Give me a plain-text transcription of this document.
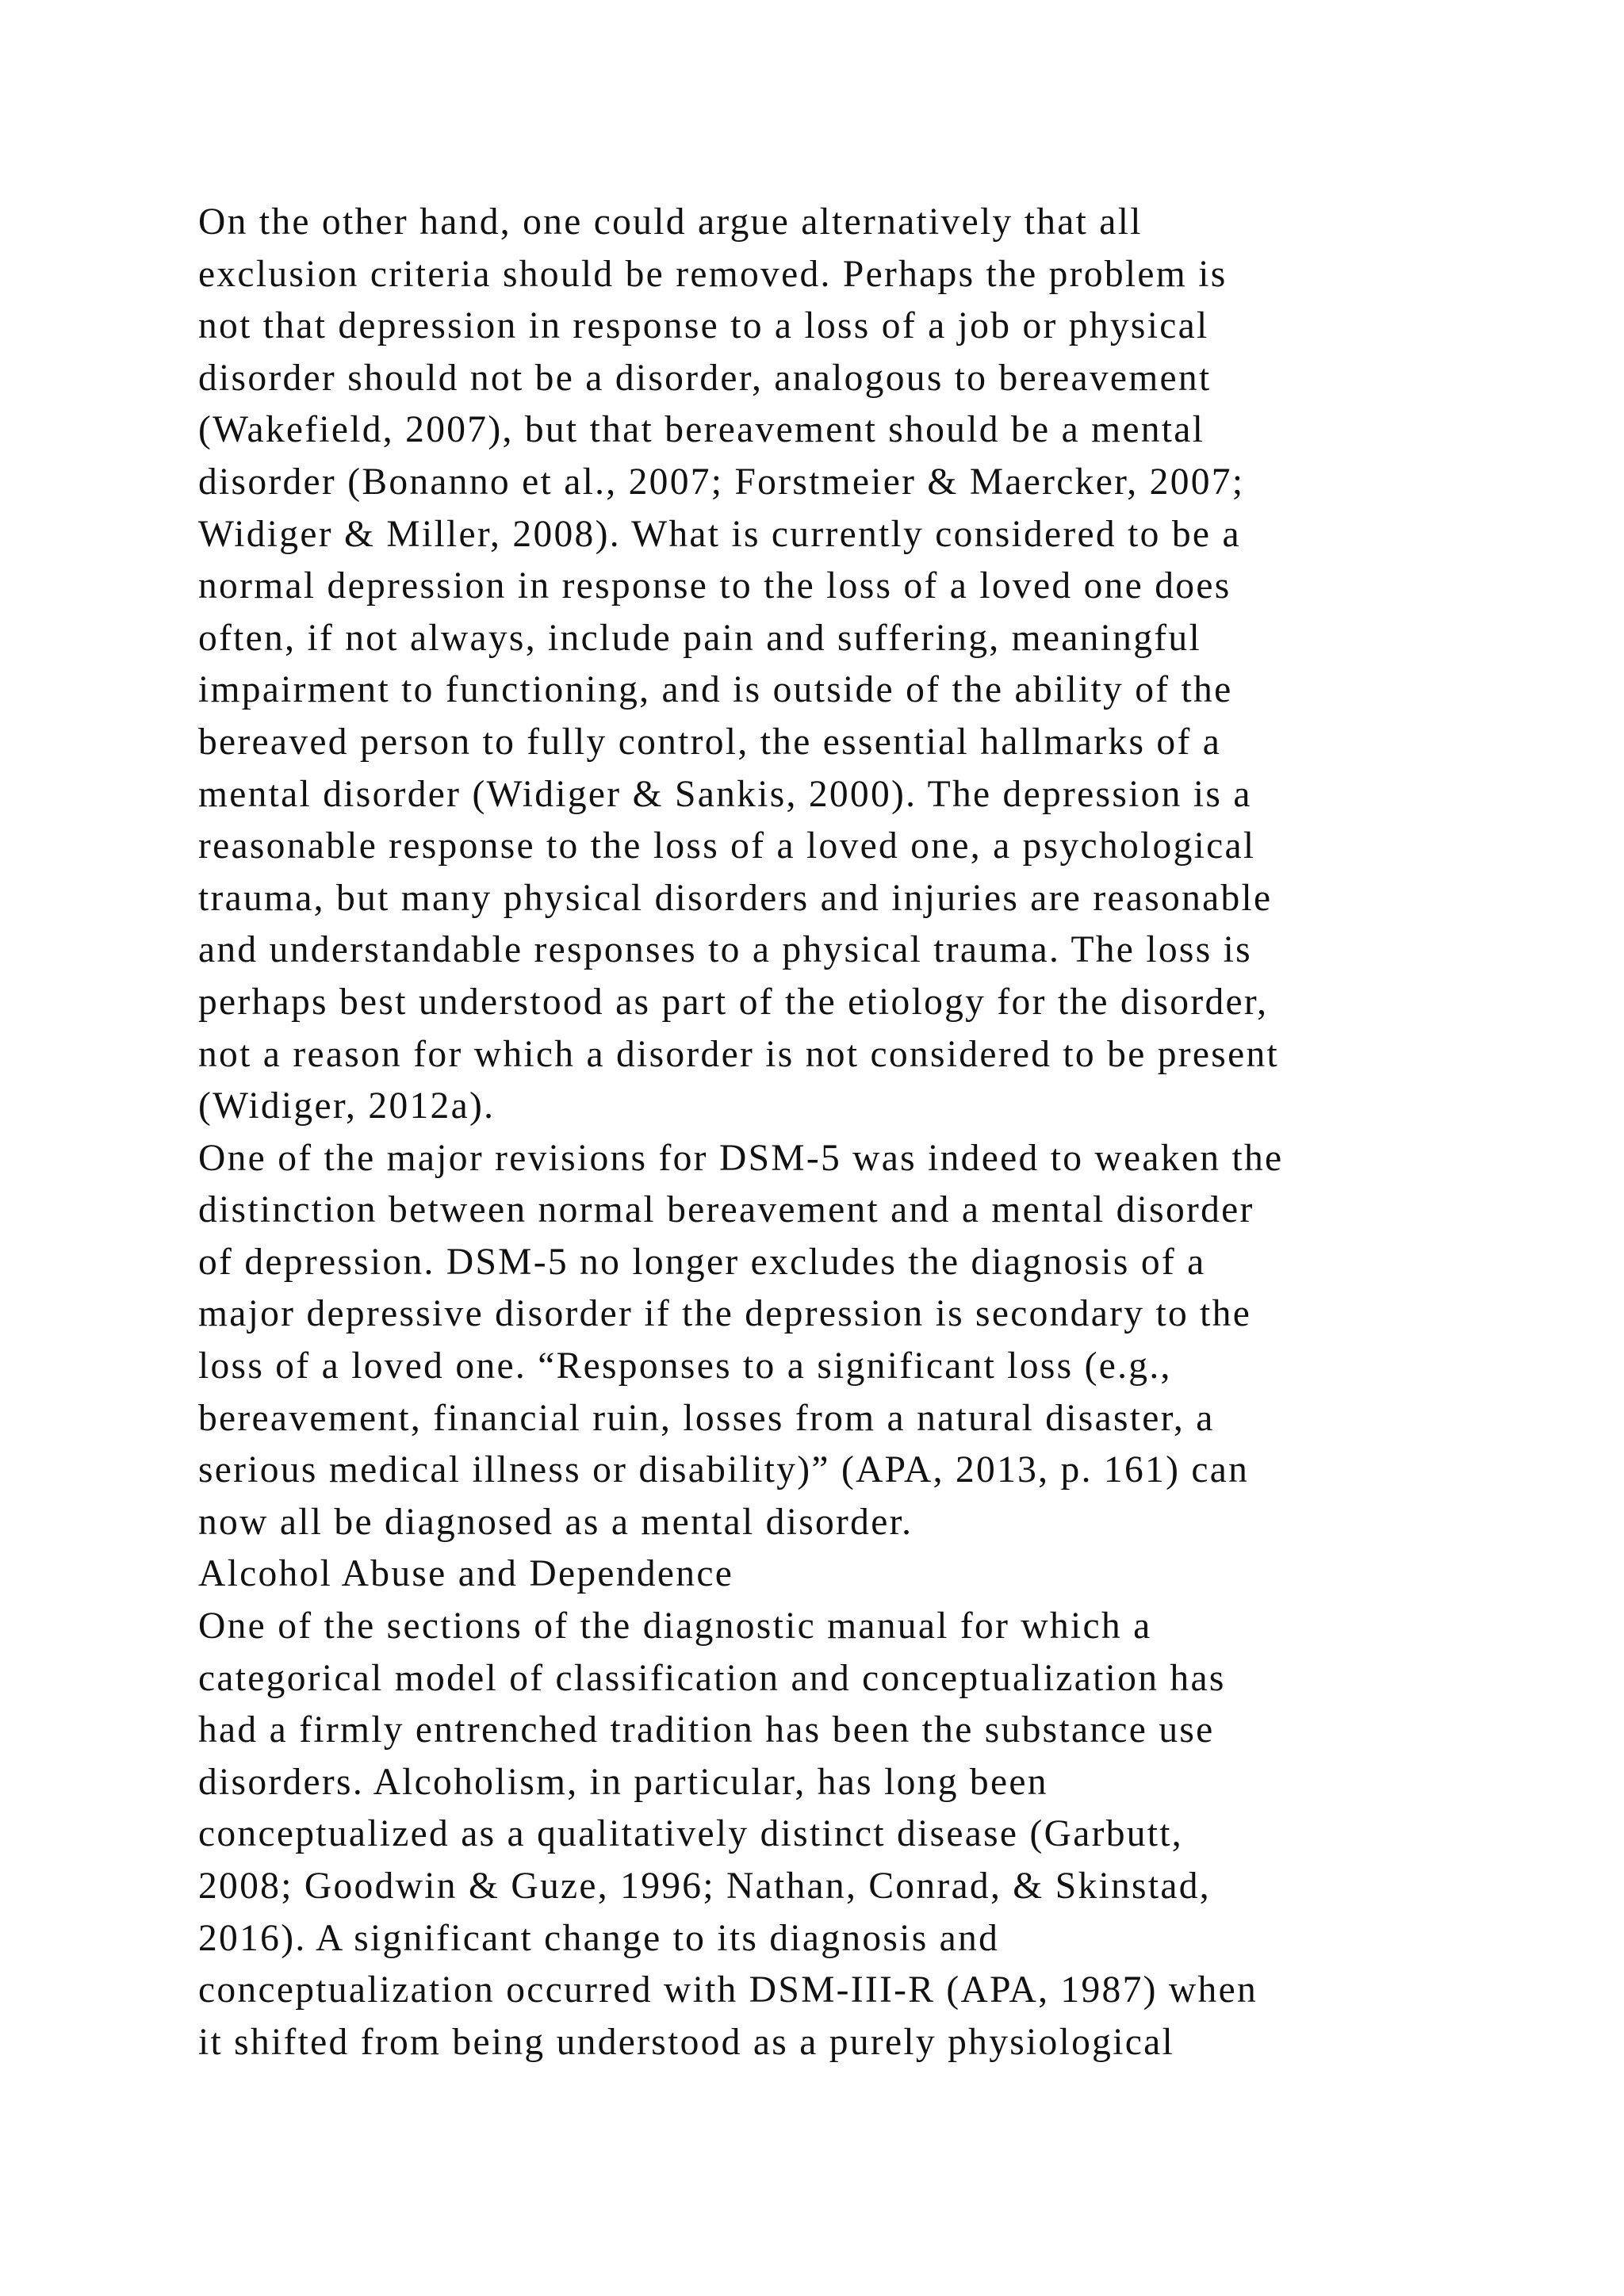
On the other hand, one could argue alternatively that all
exclusion criteria should be removed. Perhaps the problem is
not that depression in response to a loss of a job or physical
disorder should not be a disorder, analogous to bereavement
(Wakefield, 2007), but that bereavement should be a mental
disorder (Bonanno et al., 2007; Forstmeier & Maercker, 2007;
Widiger & Miller, 2008). What is currently considered to be a
normal depression in response to the loss of a loved one does
often, if not always, include pain and suffering, meaningful
impairment to functioning, and is outside of the ability of the
bereaved person to fully control, the essential hallmarks of a
mental disorder (Widiger & Sankis, 2000). The depression is a
reasonable response to the loss of a loved one, a psychological
trauma, but many physical disorders and injuries are reasonable
and understandable responses to a physical trauma. The loss is
perhaps best understood as part of the etiology for the disorder,
not a reason for which a disorder is not considered to be present
(Widiger, 2012a).
One of the major revisions for DSM-5 was indeed to weaken the
distinction between normal bereavement and a mental disorder
of depression. DSM-5 no longer excludes the diagnosis of a
major depressive disorder if the depression is secondary to the
loss of a loved one. “Responses to a significant loss (e.g.,
bereavement, financial ruin, losses from a natural disaster, a
serious medical illness or disability)” (APA, 2013, p. 161) can
now all be diagnosed as a mental disorder.
Alcohol Abuse and Dependence
One of the sections of the diagnostic manual for which a
categorical model of classification and conceptualization has
had a firmly entrenched tradition has been the substance use
disorders. Alcoholism, in particular, has long been
conceptualized as a qualitatively distinct disease (Garbutt,
2008; Goodwin & Guze, 1996; Nathan, Conrad, & Skinstad,
2016). A significant change to its diagnosis and
conceptualization occurred with DSM-III-R (APA, 1987) when
it shifted from being understood as a purely physiological
